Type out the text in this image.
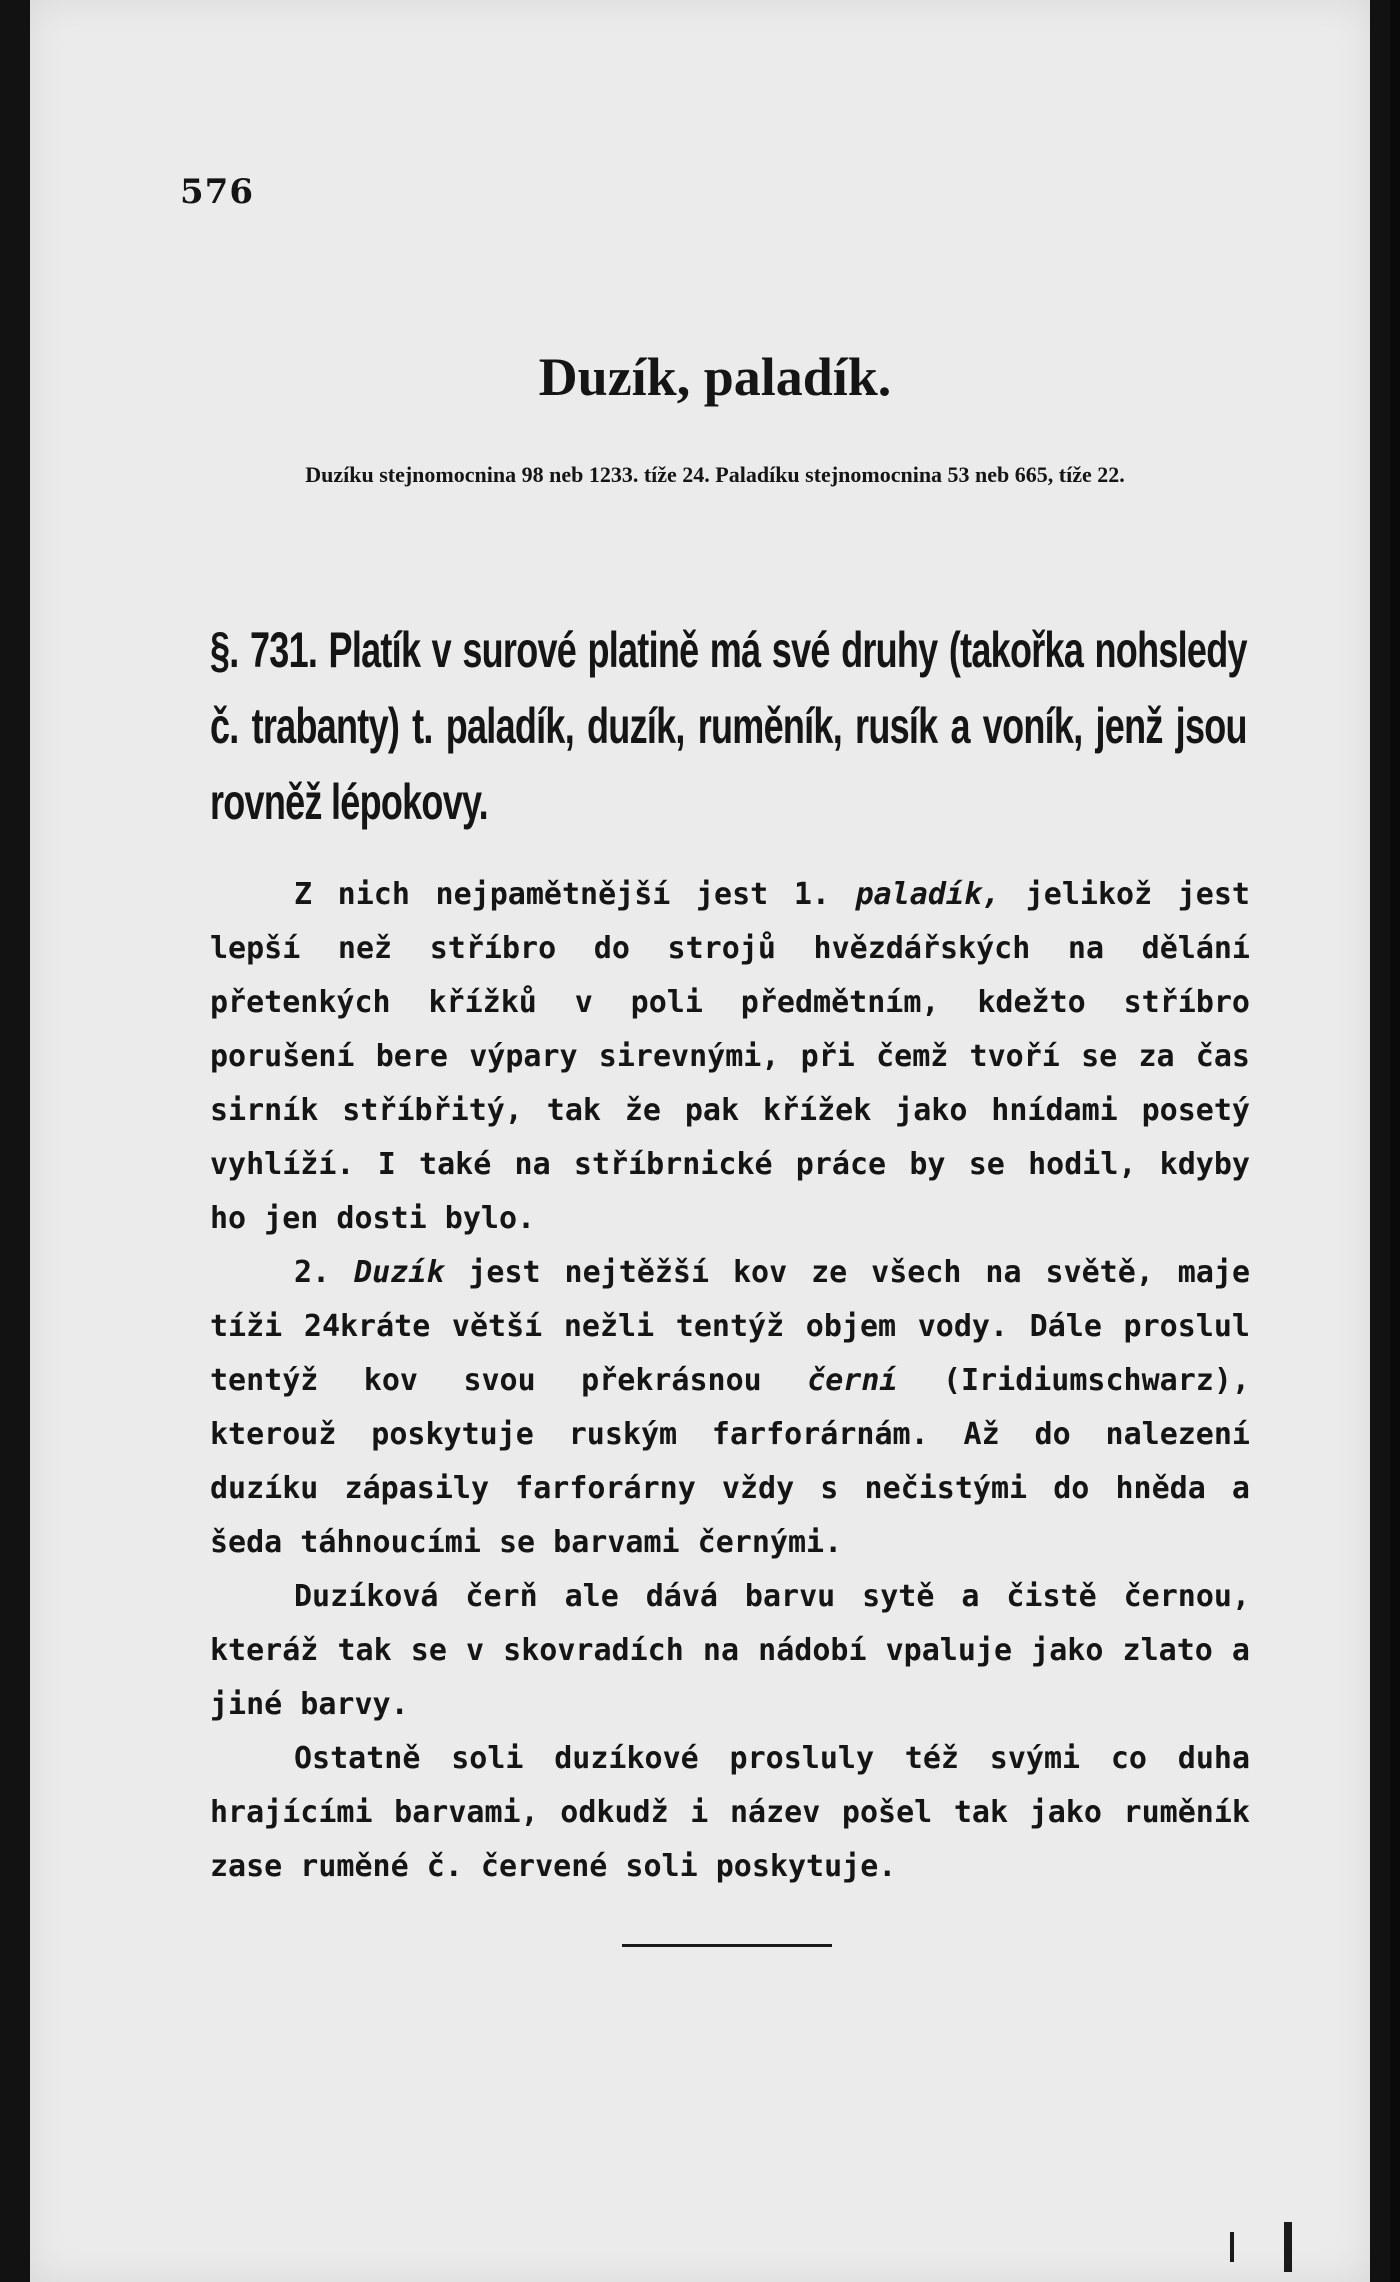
576
Duzík, paladík.
Duzíku stejnomocnina 98 neb 1233. tíže 24. Paladíku stejnomocnina 53 neb 665, tíže 22.
§. 731. Platík v surové platině má své druhy (takořka nohsledy č. trabanty) t. paladík, duzík, ruměník, rusík a voník, jenž jsou rovněž lépokovy.

Z nich nejpamětnější jest 1. paladík, jelikož jest lepší než stříbro do strojů hvězdářských na dělání přetenkých křížků v poli předmětním, kdežto stříbro porušení bere výpary sirevnými, při čemž tvoří se za čas sirník stříbřitý, tak že pak křížek jako hnídami posetý vyhlíží. I také na stříbrnické práce by se hodil, kdyby ho jen dosti bylo.

2. Duzík jest nejtěžší kov ze všech na světě, maje tíži 24kráte větší nežli tentýž objem vody. Dále proslul tentýž kov svou překrásnou černí (Iridiumschwarz), kterouž poskytuje ruským farforárnám. Až do nalezení duzíku zápasily farforárny vždy s nečistými do hněda a šeda táhnoucími se barvami černými.

Duzíková čerň ale dává barvu sytě a čistě černou, kteráž tak se v skovradích na nádobí vpaluje jako zlato a jiné barvy.

Ostatně soli duzíkové prosluly též svými co duha hrajícími barvami, odkudž i název pošel tak jako ruměník zase ruměné č. červené soli poskytuje.
